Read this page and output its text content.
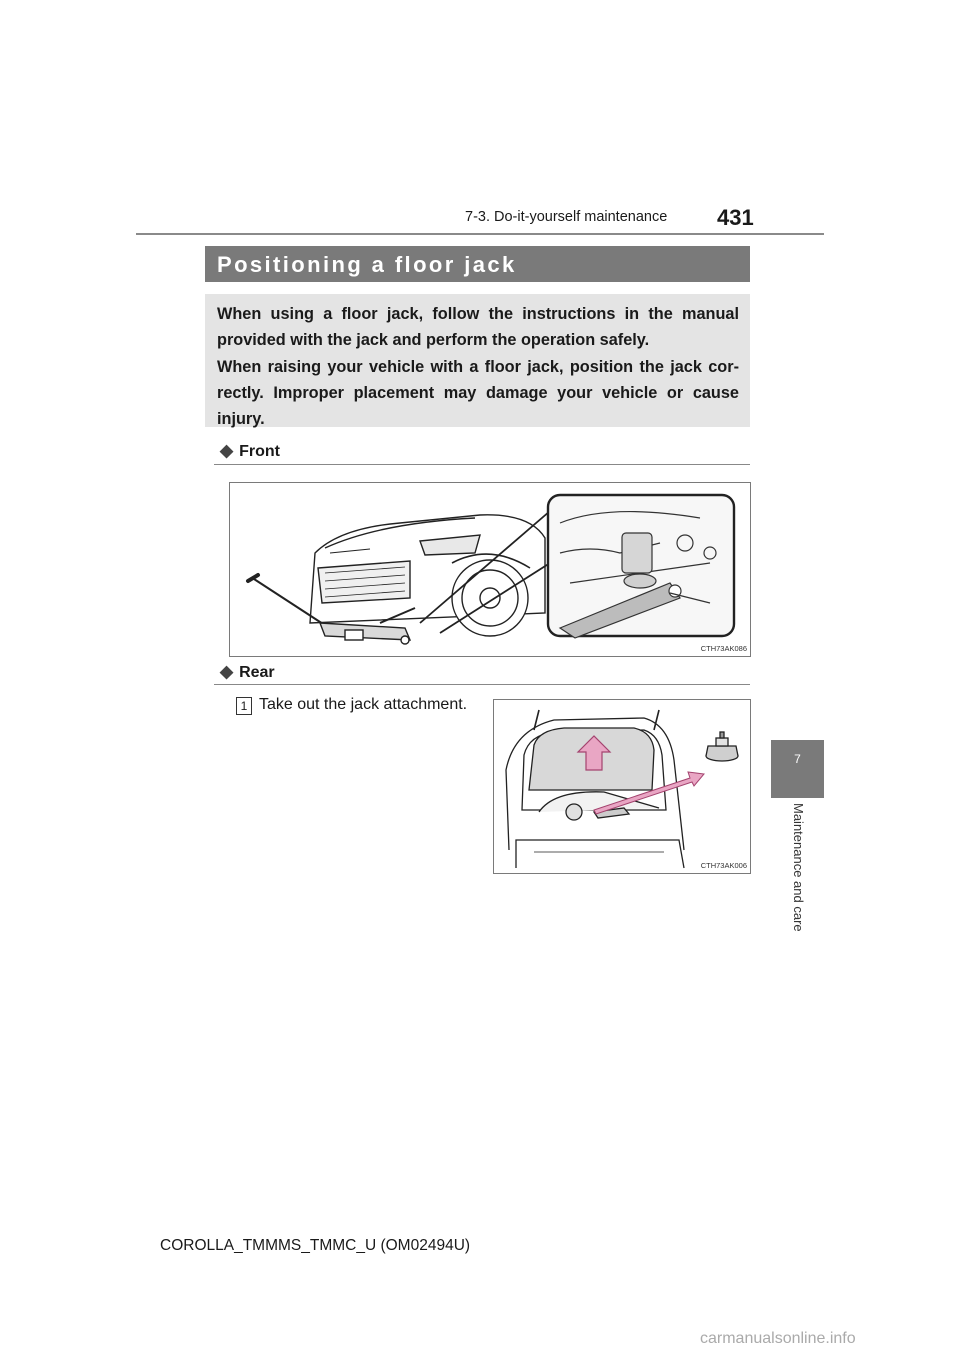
7-3. Do-it-yourself maintenance 431
Positioning a floor jack

When using a floor jack, follow the instructions in the manual provided with the jack and perform the operation safely.

When raising your vehicle with a floor jack, position the jack cor-rectly. Improper placement may damage your vehicle or cause injury.

◆ Front
CTH73AK086
◆ Rear
1 Take out the jack attachment.
CTH73AK006
7
Maintenance and care
COROLLA_TMMMS_TMMC_U (OM02494U)
carmanualsonline.info
